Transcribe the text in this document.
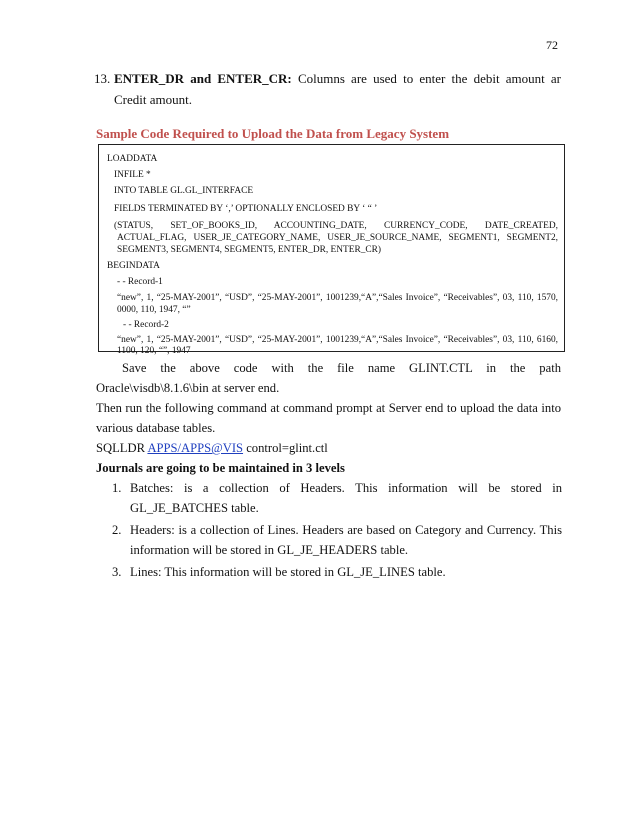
72
13. ENTER_DR and ENTER_CR: Columns are used to enter the debit amount ar Credit amount.
Sample Code Required to Upload the Data from Legacy System
LOADDATA
INFILE *
INTO TABLE GL.GL_INTERFACE
FIELDS TERMINATED BY ‘,’ OPTIONALLY ENCLOSED BY ‘ “ ’
(STATUS, SET_OF_BOOKS_ID, ACCOUNTING_DATE, CURRENCY_CODE, DATE_CREATED,
ACTUAL_FLAG, USER_JE_CATEGORY_NAME, USER_JE_SOURCE_NAME, SEGMENT1, SEGMENT2,
SEGMENT3, SEGMENT4, SEGMENT5, ENTER_DR, ENTER_CR)
BEGINDATA
- - Record-1
“new”, 1, “25-MAY-2001”, “USD”, “25-MAY-2001”, 1001239,“A”,“Sales Invoice”, “Receivables”, 03, 110, 1570,
0000, 110, 1947, “”
- - Record-2
“new”, 1, “25-MAY-2001”, “USD”, “25-MAY-2001”, 1001239,“A”,“Sales Invoice”, “Receivables”, 03, 110, 6160,
1100, 120, “”, 1947
Save the above code with the file name GLINT.CTL in the path
Oracle\visdb\8.1.6\bin at server end.
Then run the following command at command prompt at Server end to upload the data into various database tables.
SQLLDR APPS/APPS@VIS control=glint.ctl
Journals are going to be maintained in 3 levels
1. Batches: is a collection of Headers. This information will be stored in GL_JE_BATCHES table.
2. Headers: is a collection of Lines. Headers are based on Category and Currency. This information will be stored in GL_JE_HEADERS table.
3. Lines: This information will be stored in GL_JE_LINES table.
